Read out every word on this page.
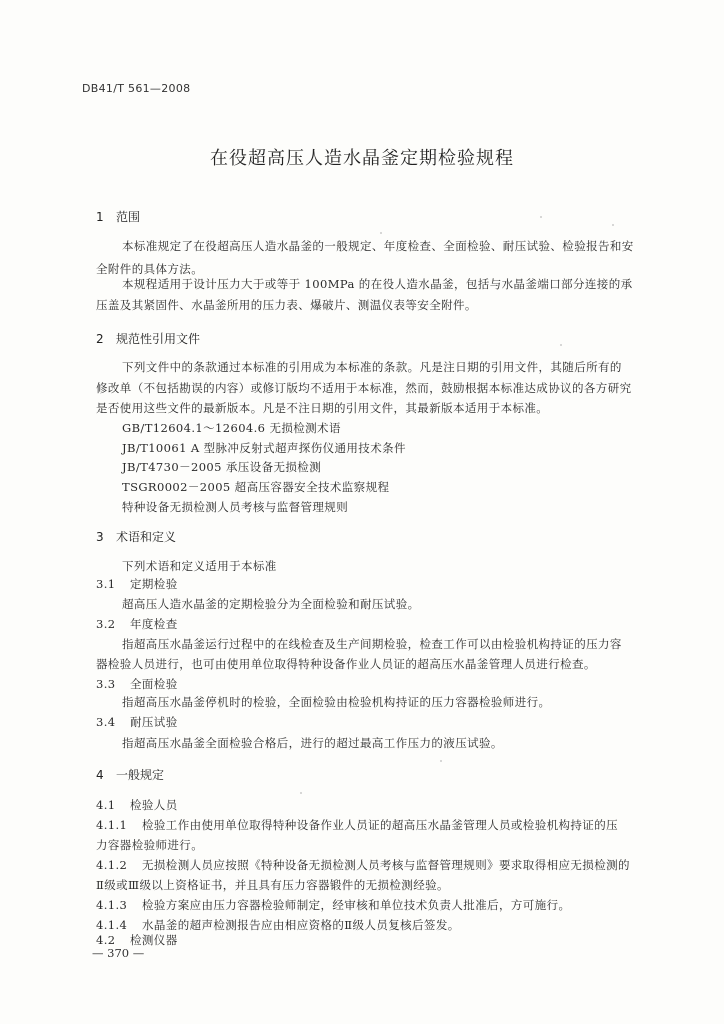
DB41/T 561—2008
在役超高压人造水晶釜定期检验规程
1 范围
本标准规定了在役超高压人造水晶釜的一般规定、年度检查、全面检验、耐压试验、检验报告和安
全附件的具体方法。
本规程适用于设计压力大于或等于 100MPa 的在役人造水晶釜，包括与水晶釜端口部分连接的承
压盖及其紧固件、水晶釜所用的压力表、爆破片、测温仪表等安全附件。
2 规范性引用文件
下列文件中的条款通过本标准的引用成为本标准的条款。凡是注日期的引用文件，其随后所有的
修改单（不包括勘误的内容）或修订版均不适用于本标准，然而，鼓励根据本标准达成协议的各方研究
是否使用这些文件的最新版本。凡是不注日期的引用文件，其最新版本适用于本标准。
GB/T12604.1～12604.6 无损检测术语
JB/T10061 A 型脉冲反射式超声探伤仪通用技术条件
JB/T4730－2005 承压设备无损检测
TSGR0002－2005 超高压容器安全技术监察规程
特种设备无损检测人员考核与监督管理规则
3 术语和定义
下列术语和定义适用于本标准
3.1 定期检验
超高压人造水晶釜的定期检验分为全面检验和耐压试验。
3.2 年度检查
指超高压水晶釜运行过程中的在线检查及生产间期检验，检查工作可以由检验机构持证的压力容
器检验人员进行，也可由使用单位取得特种设备作业人员证的超高压水晶釜管理人员进行检查。
3.3 全面检验
指超高压水晶釜停机时的检验，全面检验由检验机构持证的压力容器检验师进行。
3.4 耐压试验
指超高压水晶釜全面检验合格后，进行的超过最高工作压力的液压试验。
4 一般规定
4.1 检验人员
4.1.1 检验工作由使用单位取得特种设备作业人员证的超高压水晶釜管理人员或检验机构持证的压
力容器检验师进行。
4.1.2 无损检测人员应按照《特种设备无损检测人员考核与监督管理规则》要求取得相应无损检测的
Ⅱ级或Ⅲ级以上资格证书，并且具有压力容器锻件的无损检测经验。
4.1.3 检验方案应由压力容器检验师制定，经审核和单位技术负责人批准后，方可施行。
4.1.4 水晶釜的超声检测报告应由相应资格的Ⅱ级人员复核后签发。
4.2 检测仪器
— 370 —
